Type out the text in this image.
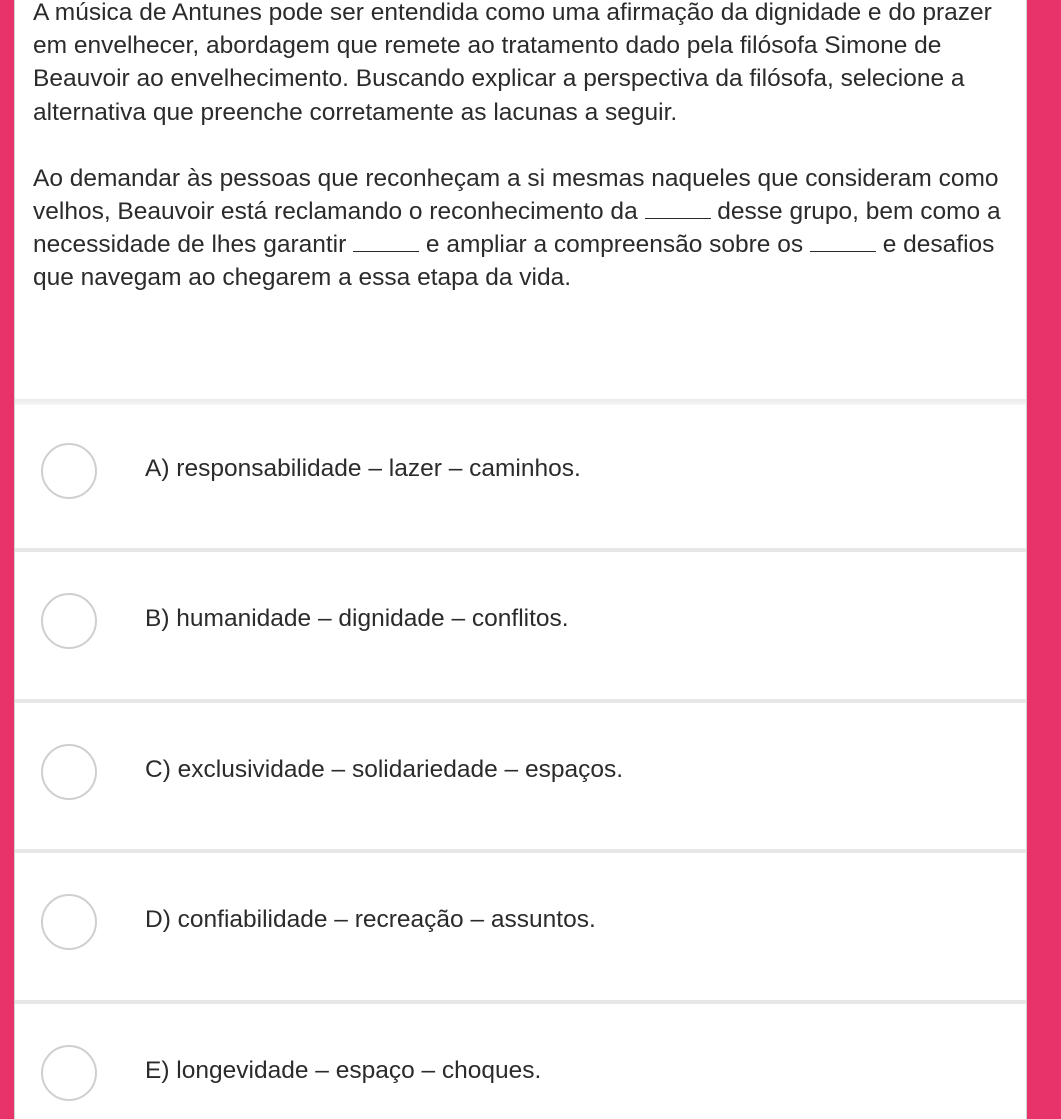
A música de Antunes pode ser entendida como uma afirmação da dignidade e do prazer em envelhecer, abordagem que remete ao tratamento dado pela filósofa Simone de Beauvoir ao envelhecimento. Buscando explicar a perspectiva da filósofa, selecione a alternativa que preenche corretamente as lacunas a seguir.

Ao demandar às pessoas que reconheçam a si mesmas naqueles que consideram como velhos, Beauvoir está reclamando o reconhecimento da	desse grupo, bem como a necessidade de lhes garantir	e ampliar a compreensão sobre os	e desafios que navegam ao chegarem a essa etapa da vida.

A) responsabilidade – lazer – caminhos.
B) humanidade – dignidade – conflitos.
C) exclusividade – solidariedade – espaços.
D) confiabilidade – recreação – assuntos.
E) longevidade – espaço – choques.
